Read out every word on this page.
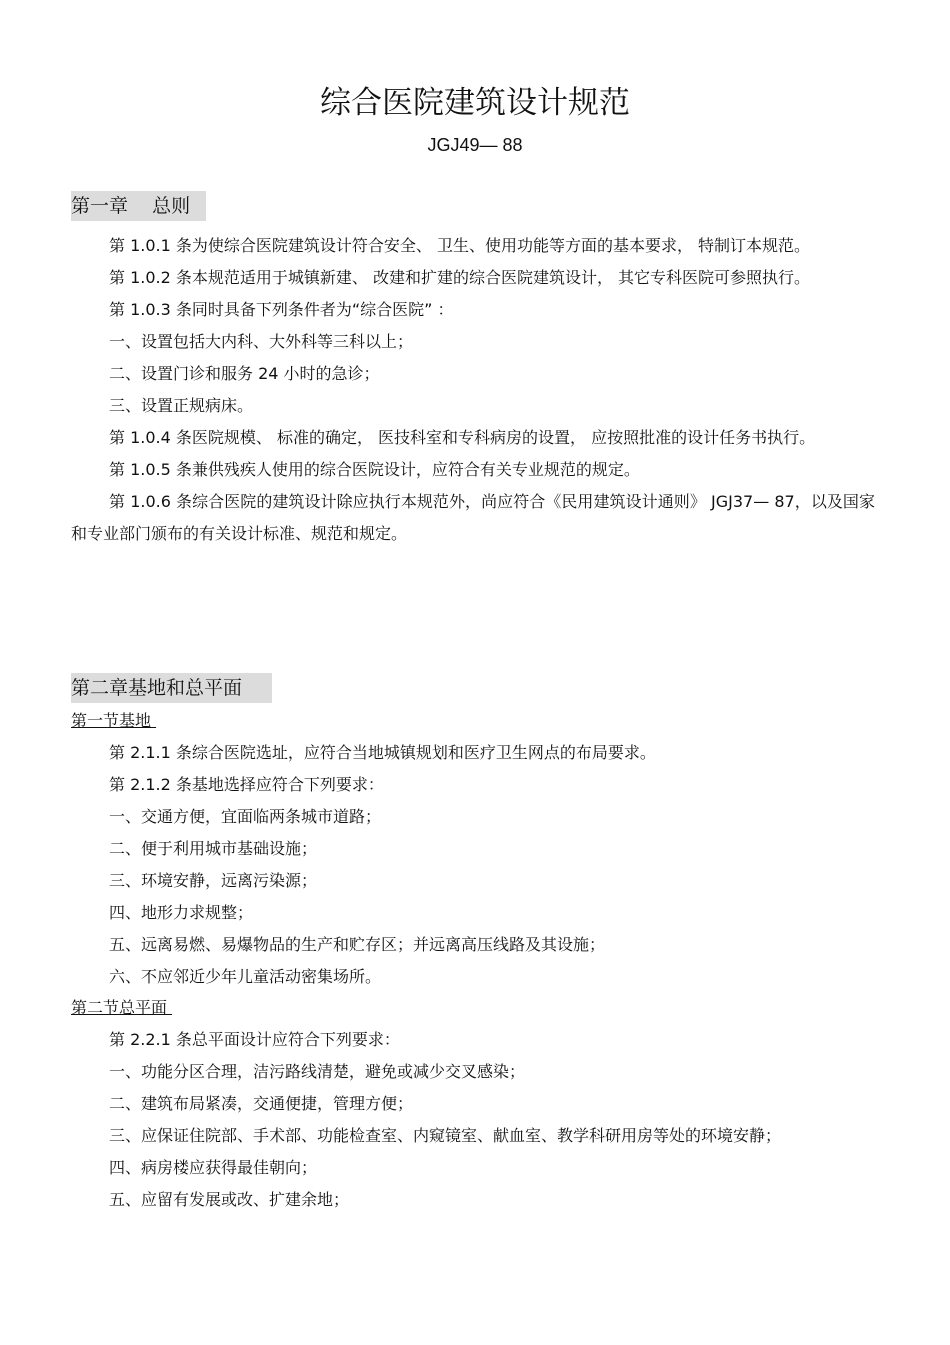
综合医院建筑设计规范
JGJ49— 88
第一章    总则

第 1.0.1 条为使综合医院建筑设计符合安全、 卫生、使用功能等方面的基本要求， 特制订本规范。

第 1.0.2 条本规范适用于城镇新建、 改建和扩建的综合医院建筑设计， 其它专科医院可参照执行。

第 1.0.3 条同时具备下列条件者为“综合医院” ：

一、设置包括大内科、大外科等三科以上；

二、设置门诊和服务 24 小时的急诊；

三、设置正规病床。

第 1.0.4 条医院规模、 标准的确定， 医技科室和专科病房的设置， 应按照批准的设计任务书执行。

第 1.0.5 条兼供残疾人使用的综合医院设计，应符合有关专业规范的规定。

第 1.0.6 条综合医院的建筑设计除应执行本规范外，尚应符合《民用建筑设计通则》 JGJ37— 87，以及国家和专业部门颁布的有关设计标准、规范和规定。

第二章基地和总平面
第一节基地

第 2.1.1 条综合医院选址，应符合当地城镇规划和医疗卫生网点的布局要求。

第 2.1.2 条基地选择应符合下列要求：

一、交通方便，宜面临两条城市道路；

二、便于利用城市基础设施；

三、环境安静，远离污染源；

四、地形力求规整；

五、远离易燃、易爆物品的生产和贮存区；并远离高压线路及其设施；

六、不应邻近少年儿童活动密集场所。

第二节总平面

第 2.2.1 条总平面设计应符合下列要求：

一、功能分区合理，洁污路线清楚，避免或减少交叉感染；

二、建筑布局紧凑，交通便捷，管理方便；

三、应保证住院部、手术部、功能检查室、内窥镜室、献血室、教学科研用房等处的环境安静；

四、病房楼应获得最佳朝向；

五、应留有发展或改、扩建余地；
